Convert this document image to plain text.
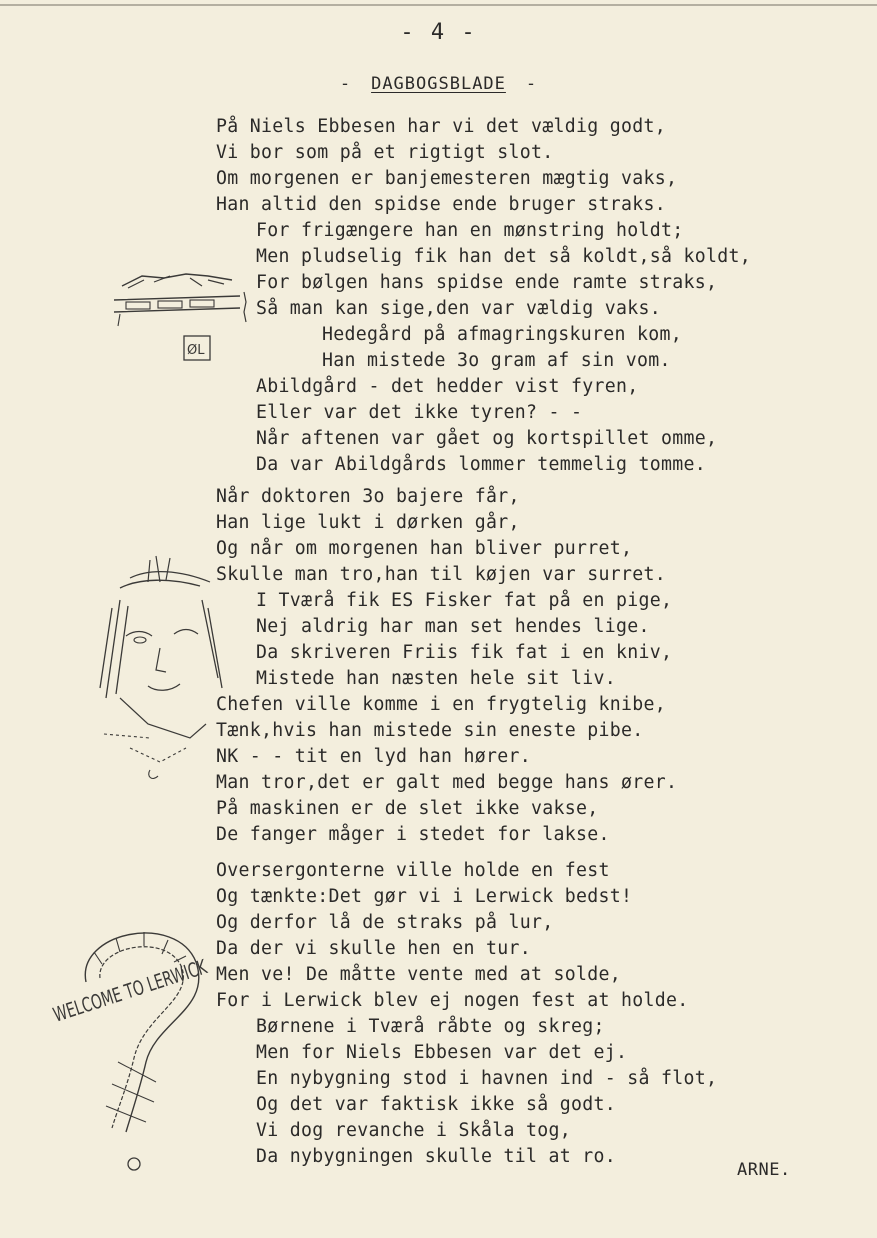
- 4 -
- DAGBOGSBLADE -
På Niels Ebbesen har vi det vældig godt,
Vi bor som på et rigtigt slot.
Om morgenen er banjemesteren mægtig vaks,
Han altid den spidse ende bruger straks.
For frigængere han en mønstring holdt;
Men pludselig fik han det så koldt,så koldt,
For bølgen hans spidse ende ramte straks,
Så man kan sige,den var vældig vaks.
Hedegård på afmagringskuren kom,
Han mistede 3o gram af sin vom.
Abildgård - det hedder vist fyren,
Eller var det ikke tyren? - -
Når aftenen var gået og kortspillet omme,
Da var Abildgårds lommer temmelig tomme.
Når doktoren 3o bajere får,
Han lige lukt i dørken går,
Og når om morgenen han bliver purret,
Skulle man tro,han til køjen var surret.
I Tværå fik ES Fisker fat på en pige,
Nej aldrig har man set hendes lige.
Da skriveren Friis fik fat i en kniv,
Mistede han næsten hele sit liv.
Chefen ville komme i en frygtelig knibe,
Tænk,hvis han mistede sin eneste pibe.
NK - - tit en lyd han hører.
Man tror,det er galt med begge hans ører.
På maskinen er de slet ikke vakse,
De fanger måger i stedet for lakse.
Oversergonterne ville holde en fest
Og tænkte:Det gør vi i Lerwick bedst!
Og derfor lå de straks på lur,
Da der vi skulle hen en tur.
Men ve! De måtte vente med at solde,
For i Lerwick blev ej nogen fest at holde.
Børnene i Tværå råbte og skreg;
Men for Niels Ebbesen var det ej.
En nybygning stod i havnen ind - så flot,
Og det var faktisk ikke så godt.
Vi dog revanche i Skåla tog,
Da nybygningen skulle til at ro.
ARNE.
ØL
WELCOME TO LERWICK
